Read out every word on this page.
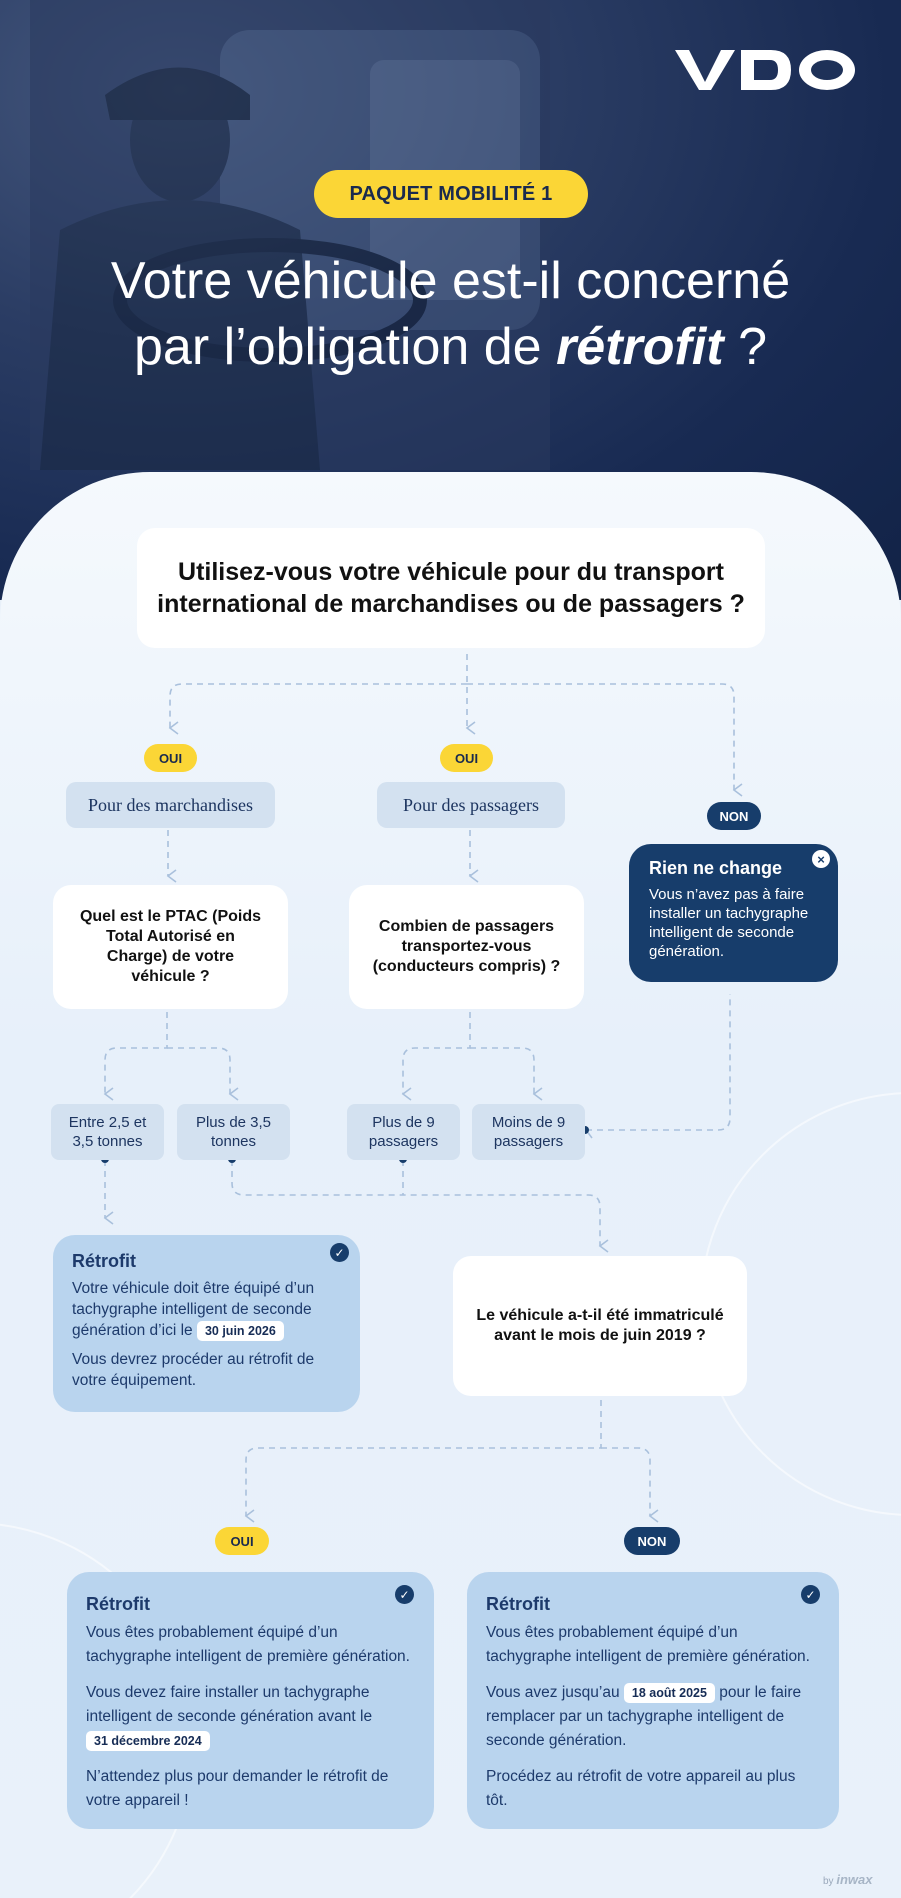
PAQUET MOBILITÉ 1
Votre véhicule est-il concerné
par l’obligation de rétrofit ?
Utilisez-vous votre véhicule pour du transport international de marchandises ou de passagers ?
OUI	OUI
NON
Pour des marchandises	Pour des passagers
Quel est le PTAC (Poids Total Autorisé en Charge) de votre véhicule ?
Combien de passagers transportez-vous (conducteurs compris) ?
×
Rien ne change

Vous n’avez pas à faire installer un tachygraphe intelligent de seconde génération.

Entre 2,5 et 3,5 tonnes
Plus de 3,5 tonnes
Plus de 9 passagers
Moins de 9 passagers
✓
Rétrofit

Votre véhicule doit être équipé d’un tachygraphe intelligent de seconde génération d’ici le 30 juin 2026

Vous devrez procéder au rétrofit de votre équipement.

Le véhicule a-t-il été immatriculé avant le mois de juin 2019 ?
OUI	NON
✓
Rétrofit

Vous êtes probablement équipé d’un tachygraphe intelligent de première génération.

Vous devez faire installer un tachygraphe intelligent de seconde génération avant le 31 décembre 2024

N’attendez plus pour demander le rétrofit de votre appareil !

✓
Rétrofit

Vous êtes probablement équipé d’un tachygraphe intelligent de première génération.

Vous avez jusqu’au 18 août 2025 pour le faire remplacer par un tachygraphe intelligent de seconde génération.

Procédez au rétrofit de votre appareil au plus tôt.

by inwax
